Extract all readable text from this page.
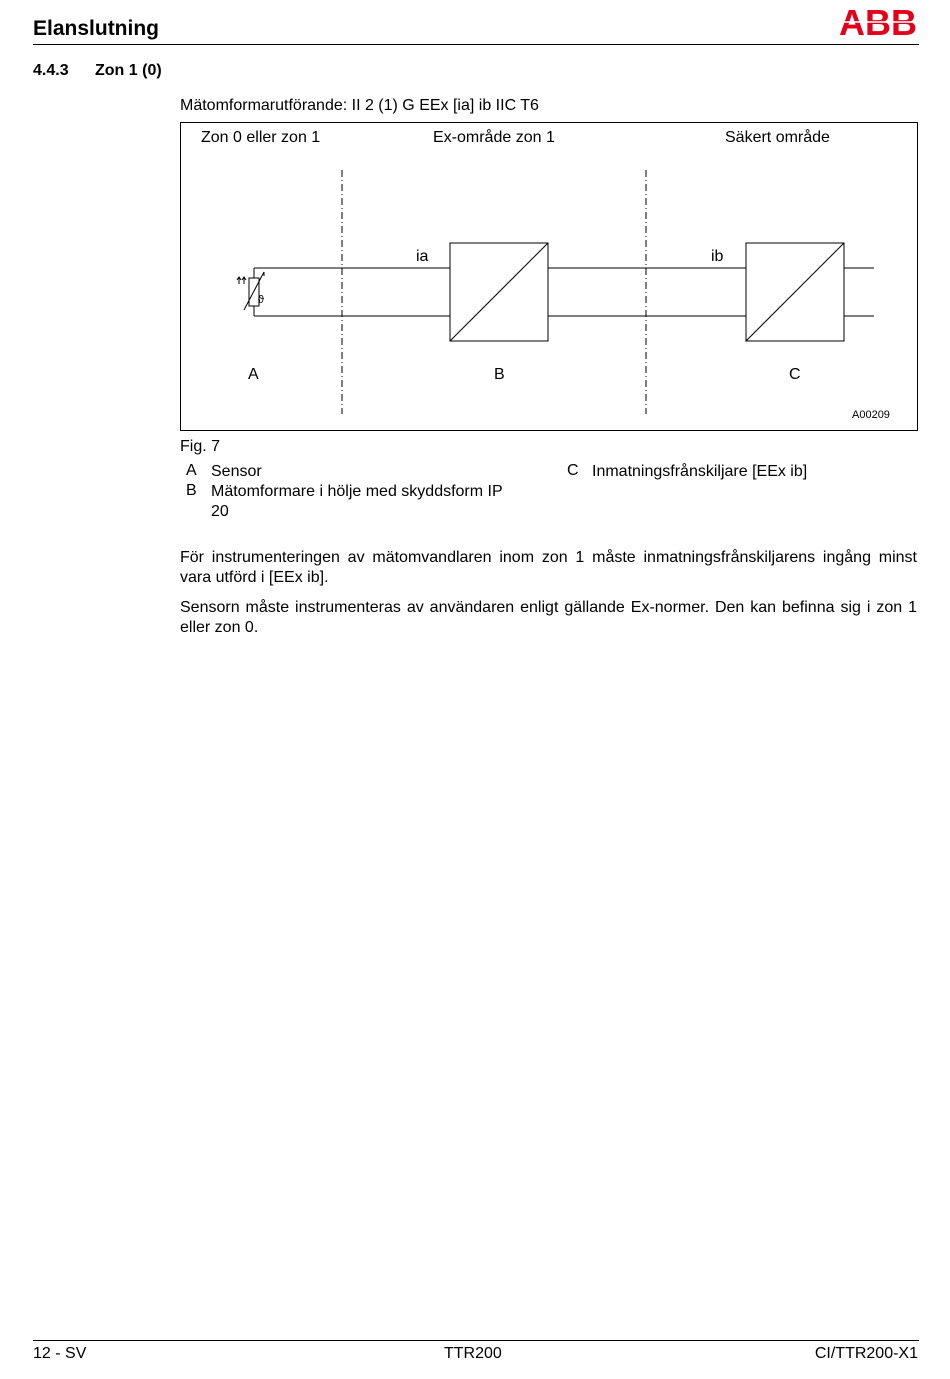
Elanslutning	ABB
4.4.3 Zon 1 (0)
Mätomformarutförande: II 2 (1) G EEx [ia] ib IIC T6
Zon 0 eller zon 1	Ex-område zon 1	Säkert område
ia	ib
ϑ
A	B	C
A00209
Fig. 7
A Sensor
B Mätomformare i hölje med skyddsform IP 20
C Inmatningsfrånskiljare [EEx ib]
För instrumenteringen av mätomvandlaren inom zon 1 måste inmatningsfrånskiljarens ingång minst vara utförd i [EEx ib].
Sensorn måste instrumenteras av användaren enligt gällande Ex-normer. Den kan befinna sig i zon 1 eller zon 0.
12 - SV	TTR200	CI/TTR200-X1
